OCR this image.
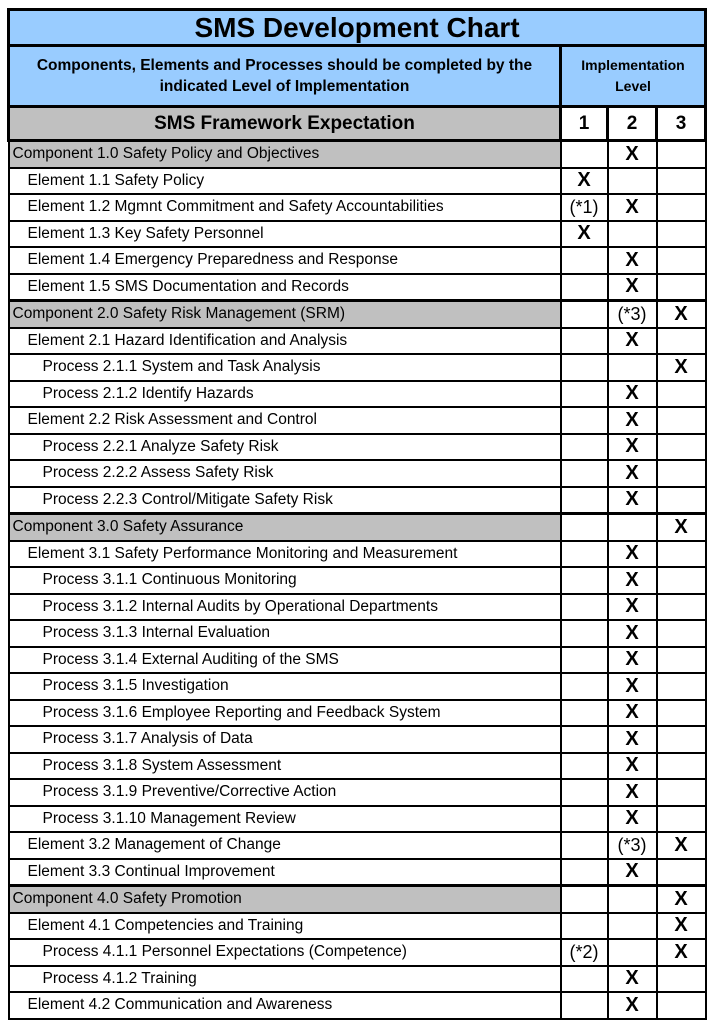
SMS Development Chart			
Components, Elements and Processes should be completed by the indicated Level of Implementation	Implementation Level		
SMS Framework Expectation	1	2	3
Component 1.0 Safety Policy and Objectives		X	
Element 1.1 Safety Policy	X		
Element 1.2 Mgmnt Commitment and Safety Accountabilities	(*1)	X	
Element 1.3 Key Safety Personnel	X		
Element 1.4 Emergency Preparedness and Response		X	
Element 1.5 SMS Documentation and Records		X	
Component 2.0 Safety Risk Management (SRM)		(*3)	X
Element 2.1 Hazard Identification and Analysis		X	
Process 2.1.1 System and Task Analysis			X
Process 2.1.2 Identify Hazards		X	
Element 2.2 Risk Assessment and Control		X	
Process 2.2.1 Analyze Safety Risk		X	
Process 2.2.2 Assess Safety Risk		X	
Process 2.2.3 Control/Mitigate Safety Risk		X	
Component 3.0 Safety Assurance			X
Element 3.1 Safety Performance Monitoring and Measurement		X	
Process 3.1.1 Continuous Monitoring		X	
Process 3.1.2 Internal Audits by Operational Departments		X	
Process 3.1.3 Internal Evaluation		X	
Process 3.1.4 External Auditing of the SMS		X	
Process 3.1.5 Investigation		X	
Process 3.1.6 Employee Reporting and Feedback System		X	
Process 3.1.7 Analysis of Data		X	
Process 3.1.8 System Assessment		X	
Process 3.1.9 Preventive/Corrective Action		X	
Process 3.1.10 Management Review		X	
Element 3.2 Management of Change		(*3)	X
Element 3.3 Continual Improvement		X	
Component 4.0 Safety Promotion			X
Element 4.1 Competencies and Training			X
Process 4.1.1 Personnel Expectations (Competence)	(*2)		X
Process 4.1.2 Training		X	
Element 4.2 Communication and Awareness		X	
